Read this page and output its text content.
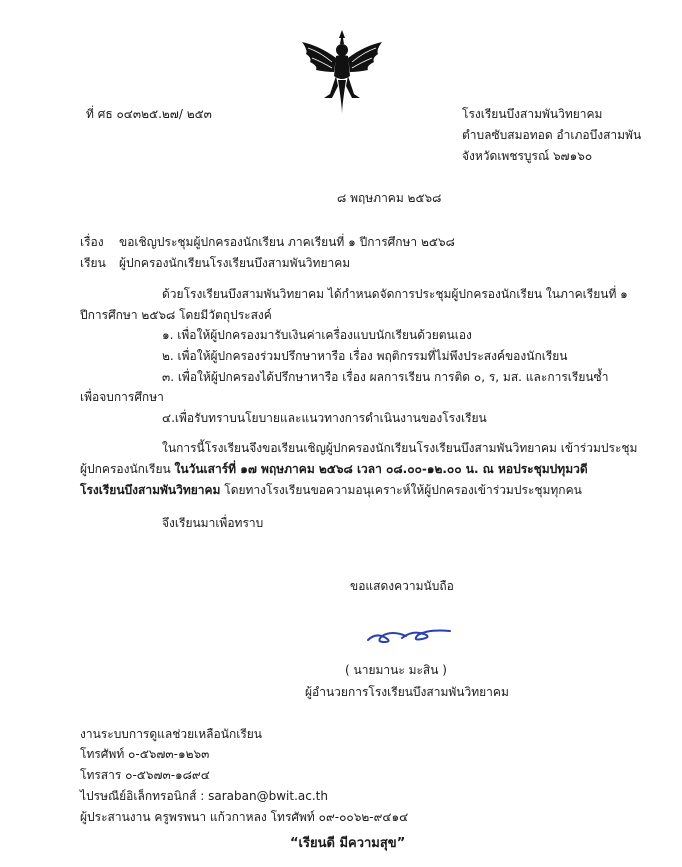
ที่ ศธ ๐๔๓๒๕.๒๗/ ๒๕๓	โรงเรียนบึงสามพันวิทยาคม
ตำบลซับสมอทอด อำเภอบึงสามพัน
จังหวัดเพชรบูรณ์ ๖๗๑๖๐
๘ พฤษภาคม ๒๕๖๘
เรื่อง ขอเชิญประชุมผู้ปกครองนักเรียน ภาคเรียนที่ ๑ ปีการศึกษา ๒๕๖๘
เรียน ผู้ปกครองนักเรียนโรงเรียนบึงสามพันวิทยาคม
ด้วยโรงเรียนบึงสามพันวิทยาคม ได้กำหนดจัดการประชุมผู้ปกครองนักเรียน ในภาคเรียนที่ ๑
ปีการศึกษา ๒๕๖๘ โดยมีวัตถุประสงค์
๑. เพื่อให้ผู้ปกครองมารับเงินค่าเครื่องแบบนักเรียนด้วยตนเอง
๒. เพื่อให้ผู้ปกครองร่วมปรึกษาหารือ เรื่อง พฤติกรรมที่ไม่พึงประสงค์ของนักเรียน
๓. เพื่อให้ผู้ปกครองได้ปรึกษาหารือ เรื่อง ผลการเรียน การติด ๐, ร, มส. และการเรียนซ้ำ
เพื่อจบการศึกษา
๔.เพื่อรับทราบนโยบายและแนวทางการดำเนินงานของโรงเรียน
ในการนี้โรงเรียนจึงขอเรียนเชิญผู้ปกครองนักเรียนโรงเรียนบึงสามพันวิทยาคม เข้าร่วมประชุม
ผู้ปกครองนักเรียน ในวันเสาร์ที่ ๑๗ พฤษภาคม ๒๕๖๘ เวลา ๐๘.๐๐-๑๒.๐๐ น. ณ หอประชุมปทุมวดี
โรงเรียนบึงสามพันวิทยาคม โดยทางโรงเรียนขอความอนุเคราะห์ให้ผู้ปกครองเข้าร่วมประชุมทุกคน
จึงเรียนมาเพื่อทราบ
ขอแสดงความนับถือ
( นายมานะ มะสิน )
ผู้อำนวยการโรงเรียนบึงสามพันวิทยาคม
งานระบบการดูแลช่วยเหลือนักเรียน
โทรศัพท์ ๐-๕๖๗๓-๑๒๖๓
โทรสาร ๐-๕๖๗๓-๑๘๙๔
ไปรษณีย์อิเล็กทรอนิกส์ : saraban@bwit.ac.th
ผู้ประสานงาน ครูพรพนา แก้วกาหลง โทรศัพท์ ๐๙-๐๐๖๒-๙๔๑๔
“เรียนดี มีความสุข”
